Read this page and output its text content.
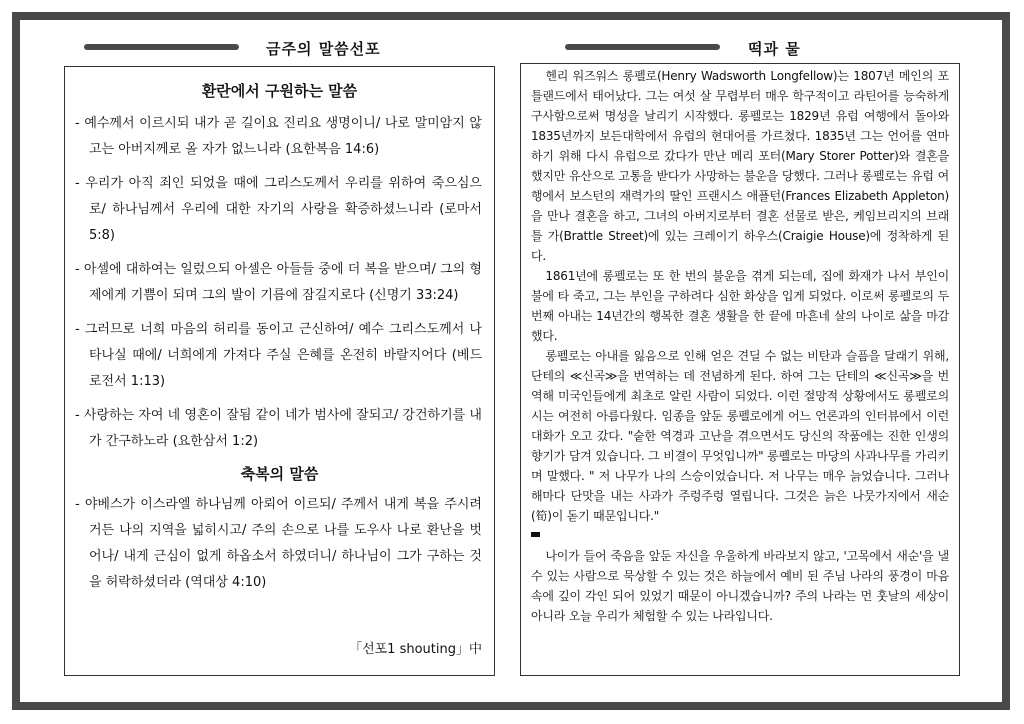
금주의 말씀선포	떡과 물
환란에서 구원하는 말씀
- 예수께서 이르시되 내가 곧 길이요 진리요 생명이니/ 나로 말미암지 않고는 아버지께로 올 자가 없느니라 (요한복음 14:6)
- 우리가 아직 죄인 되었을 때에 그리스도께서 우리를 위하여 죽으심으로/ 하나님께서 우리에 대한 자기의 사랑을 확증하셨느니라 (로마서 5:8)
- 아셀에 대하여는 일렀으되 아셀은 아들들 중에 더 복을 받으며/ 그의 형제에게 기쁨이 되며 그의 발이 기름에 잠길지로다 (신명기 33:24)
- 그러므로 너희 마음의 허리를 동이고 근신하여/ 예수 그리스도께서 나타나실 때에/ 너희에게 가져다 주실 은혜를 온전히 바랄지어다 (베드로전서 1:13)
- 사랑하는 자여 네 영혼이 잘됨 같이 네가 범사에 잘되고/ 강건하기를 내가 간구하노라 (요한삼서 1:2)
축복의 말씀
- 야베스가 이스라엘 하나님께 아뢰어 이르되/ 주께서 내게 복을 주시려거든 나의 지역을 넓히시고/ 주의 손으로 나를 도우사 나로 환난을 벗어나/ 내게 근심이 없게 하옵소서 하였더니/ 하나님이 그가 구하는 것을 허락하셨더라 (역대상 4:10)
「선포1 shouting」中

헨리 워즈워스 롱펠로(Henry Wadsworth Longfellow)는 1807년 메인의 포틀랜드에서 태어났다. 그는 여섯 살 무렵부터 매우 학구적이고 라틴어를 능숙하게 구사함으로써 명성을 날리기 시작했다. 롱펠로는 1829년 유럽 여행에서 돌아와 1835년까지 보든대학에서 유럽의 현대어를 가르쳤다. 1835년 그는 언어를 연마하기 위해 다시 유럽으로 갔다가 만난 메리 포터(Mary Storer Potter)와 결혼을 했지만 유산으로 고통을 받다가 사망하는 불운을 당했다. 그러나 롱펠로는 유럽 여행에서 보스턴의 재력가의 딸인 프랜시스 애플턴(Frances Elizabeth Appleton)을 만나 결혼을 하고, 그녀의 아버지로부터 결혼 선물로 받은, 케임브리지의 브래틀 가(Brattle Street)에 있는 크레이기 하우스(Craigie House)에 정착하게 된다.

1861년에 롱펠로는 또 한 번의 불운을 겪게 되는데, 집에 화재가 나서 부인이 불에 타 죽고, 그는 부인을 구하려다 심한 화상을 입게 되었다. 이로써 롱펠로의 두 번째 아내는 14년간의 행복한 결혼 생활을 한 끝에 마흔네 살의 나이로 삶을 마감했다.

롱펠로는 아내를 잃음으로 인해 얻은 견딜 수 없는 비탄과 슬픔을 달래기 위해, 단테의 ≪신곡≫을 번역하는 데 전념하게 된다. 하여 그는 단테의 ≪신곡≫을 번역해 미국인들에게 최초로 알린 사람이 되었다. 이런 절망적 상황에서도 롱펠로의 시는 여전히 아름다웠다. 임종을 앞둔 롱펠로에게 어느 언론과의 인터뷰에서 이런 대화가 오고 갔다. "숱한 역경과 고난을 겪으면서도 당신의 작품에는 진한 인생의 향기가 담겨 있습니다. 그 비결이 무엇입니까" 롱펠로는 마당의 사과나무를 가리키며 말했다. " 저 나무가 나의 스승이었습니다. 저 나무는 매우 늙었습니다. 그러나 해마다 단맛을 내는 사과가 주렁주렁 열립니다. 그것은 늙은 나뭇가지에서 새순(筍)이 돋기 때문입니다."

나이가 들어 죽음을 앞둔 자신을 우울하게 바라보지 않고, '고목에서 새순'을 낼 수 있는 사람으로 묵상할 수 있는 것은 하늘에서 예비 된 주님 나라의 풍경이 마음속에 깊이 각인 되어 있었기 때문이 아니겠습니까? 주의 나라는 먼 훗날의 세상이 아니라 오늘 우리가 체험할 수 있는 나라입니다.
